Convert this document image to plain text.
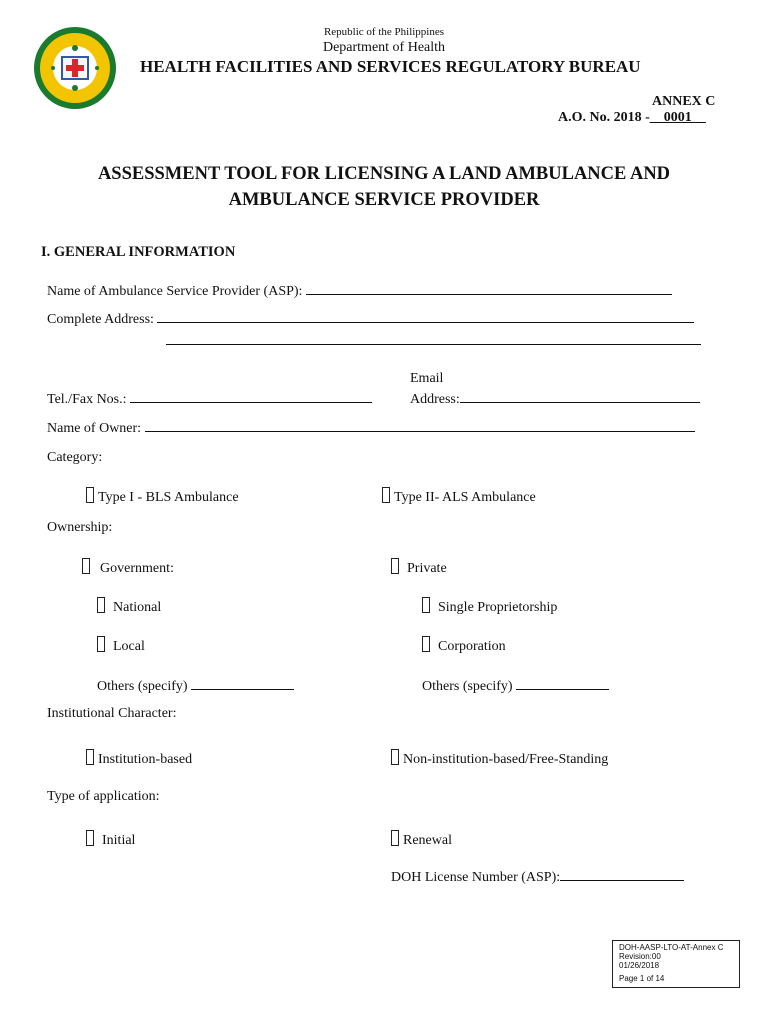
Republic of the Philippines
Department of Health
HEALTH FACILITIES AND SERVICES REGULATORY BUREAU
ANNEX C
A.O. No. 2018 -__0001__
ASSESSMENT TOOL FOR LICENSING A LAND AMBULANCE AND
AMBULANCE SERVICE PROVIDER
I. GENERAL INFORMATION
Name of Ambulance Service Provider (ASP):
Complete Address:
Tel./Fax Nos.:
Email
Address:
Name of Owner:
Category:
Type I - BLS Ambulance	Type II- ALS Ambulance
Ownership:
Government:	Private
National	Single Proprietorship
Local	Corporation
Others (specify)	Others (specify)
Institutional Character:
Institution-based	Non-institution-based/Free-Standing
Type of application:
Initial	Renewal
DOH License Number (ASP):
DOH-AASP-LTO-AT-Annex C
Revision:00
01/26/2018
Page 1 of 14
